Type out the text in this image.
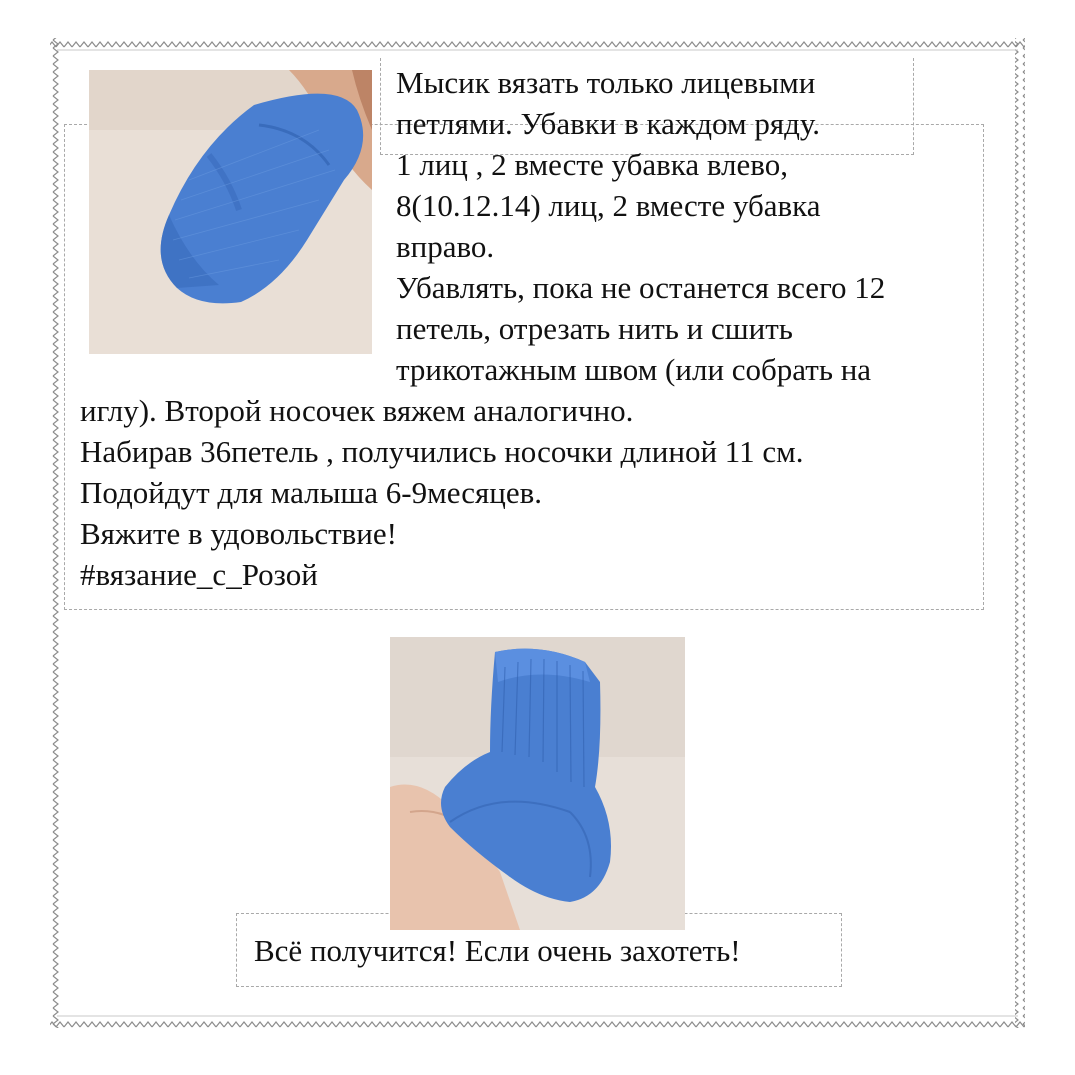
Мысик вязать только лицевыми
петлями. Убавки в каждом ряду.
1 лиц , 2 вместе убавка влево,
8(10.12.14) лиц, 2 вместе убавка
вправо.
Убавлять, пока не останется всего 12
петель, отрезать нить и сшить
трикотажным швом (или собрать на
иглу). Второй носочек вяжем аналогично.
Набирав 36петель , получились носочки длиной 11 см.
Подойдут для малыша 6-9месяцев.
Вяжите в удовольствие!
#вязание_с_Розой
Всё получится! Если очень захотеть!
